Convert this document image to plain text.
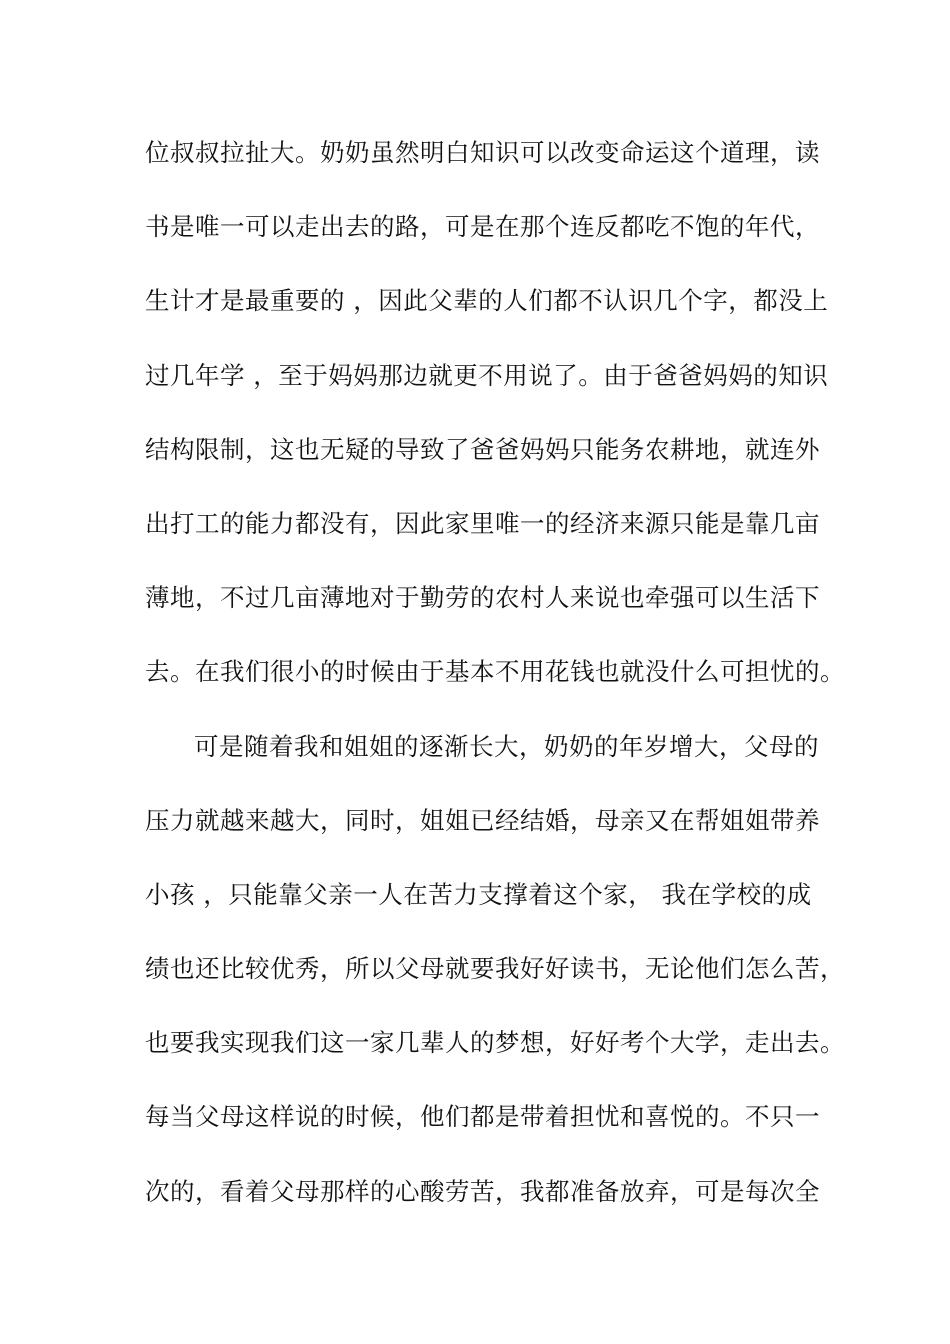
位叔叔拉扯大。奶奶虽然明白知识可以改变命运这个道理，读
书是唯一可以走出去的路，可是在那个连反都吃不饱的年代，
生计才是最重要的 ，因此父辈的人们都不认识几个字，都没上
过几年学 ，至于妈妈那边就更不用说了。由于爸爸妈妈的知识
结构限制，这也无疑的导致了爸爸妈妈只能务农耕地，就连外
出打工的能力都没有，因此家里唯一的经济来源只能是靠几亩
薄地，不过几亩薄地对于勤劳的农村人来说也牵强可以生活下
去。在我们很小的时候由于基本不用花钱也就没什么可担忧的。
可是随着我和姐姐的逐渐长大，奶奶的年岁增大，父母的
压力就越来越大，同时，姐姐已经结婚，母亲又在帮姐姐带养
小孩 ，只能靠父亲一人在苦力支撑着这个家， 我在学校的成
绩也还比较优秀，所以父母就要我好好读书，无论他们怎么苦，
也要我实现我们这一家几辈人的梦想，好好考个大学，走出去。
每当父母这样说的时候，他们都是带着担忧和喜悦的。不只一
次的，看着父母那样的心酸劳苦，我都准备放弃，可是每次全
